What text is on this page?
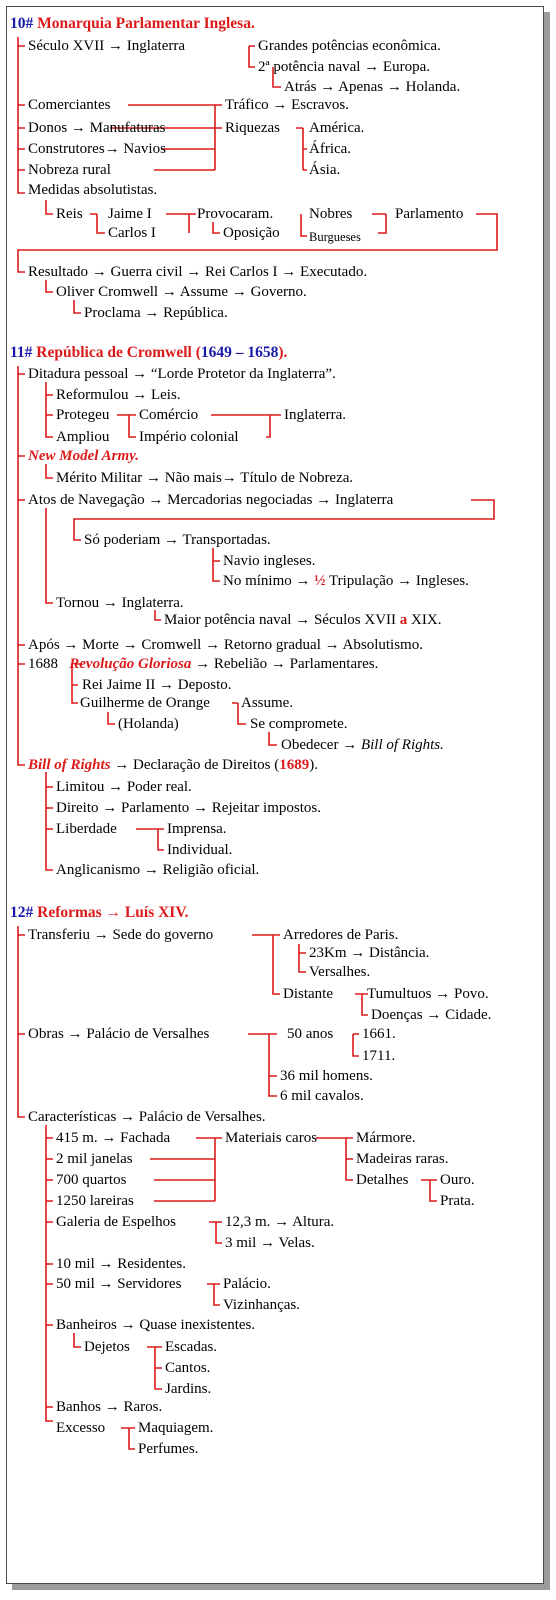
10# Monarquia Parlamentar Inglesa.
Século XVII → Inglaterra	Grandes potências econômica.
2ª potência naval → Europa.
Atrás → Apenas → Holanda.
Comerciantes	Tráfico → Escravos.
Donos → Manufaturas	Riquezas América.
Construtores→ Navios	África.
Nobreza rural	Ásia.
Medidas absolutistas.
Reis Jaime I	Provocaram. Nobres	Parlamento
Carlos I	Oposição Burgueses
Resultado → Guerra civil → Rei Carlos I → Executado.
Oliver Cromwell → Assume → Governo.
Proclama → República.
11# República de Cromwell (1649 – 1658).
Ditadura pessoal → “Lorde Protetor da Inglaterra”.
Reformulou → Leis.
Protegeu Comércio	Inglaterra.
Ampliou Império colonial
New Model Army.
Mérito Militar → Não mais→ Título de Nobreza.
Atos de Navegação → Mercadorias negociadas → Inglaterra
Só poderiam → Transportadas.
Navio ingleses.
No mínimo → ½ Tripulação → Ingleses.
Tornou → Inglaterra.
Maior potência naval → Séculos XVII a XIX.
Após → Morte → Cromwell → Retorno gradual → Absolutismo.
1688 Revolução Gloriosa → Rebelião → Parlamentares.
Rei Jaime II → Deposto.
Guilherme de Orange Assume.
(Holanda)	Se compromete.
Obedecer → Bill of Rights.
Bill of Rights → Declaração de Direitos (1689).
Limitou → Poder real.
Direito → Parlamento → Rejeitar impostos.
Liberdade	Imprensa.
Individual.
Anglicanismo → Religião oficial.
12# Reformas → Luís XIV.
Transferiu → Sede do governo	Arredores de Paris.
23Km → Distância.
Versalhes.
Distante Tumultuos → Povo.
Doenças → Cidade.
Obras → Palácio de Versalhes	50 anos 1661.
1711.
36 mil homens.
6 mil cavalos.
Características → Palácio de Versalhes.
415 m. → Fachada	Materiais caros	Mármore.
2 mil janelas	Madeiras raras.
700 quartos	Detalhes Ouro.
1250 lareiras	Prata.
Galeria de Espelhos	12,3 m. → Altura.
3 mil → Velas.
10 mil → Residentes.
50 mil → Servidores	Palácio.
Vizinhanças.
Banheiros → Quase inexistentes.
Dejetos Escadas.
Cantos.
Jardins.
Banhos → Raros.
Excesso Maquiagem.
Perfumes.
